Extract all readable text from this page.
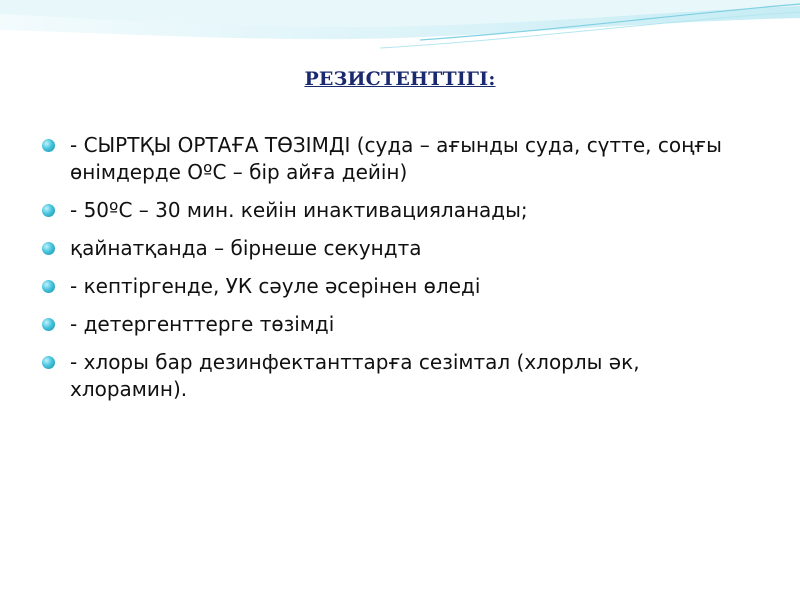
РЕЗИСТЕНТТІГІ:
- СЫРТҚЫ ОРТАҒА ТӨЗІМДІ (суда – ағынды суда, сүтте, соңғы өнімдерде ОºС – бір айға дейін)
- 50ºС – 30 мин. кейін инактивацияланады;
қайнатқанда – бірнеше секундта
- кептіргенде, УК сәуле әсерінен өледі
- детергенттерге төзімді
- хлоры бар дезинфектанттарға сезімтал (хлорлы әк, хлорамин).
